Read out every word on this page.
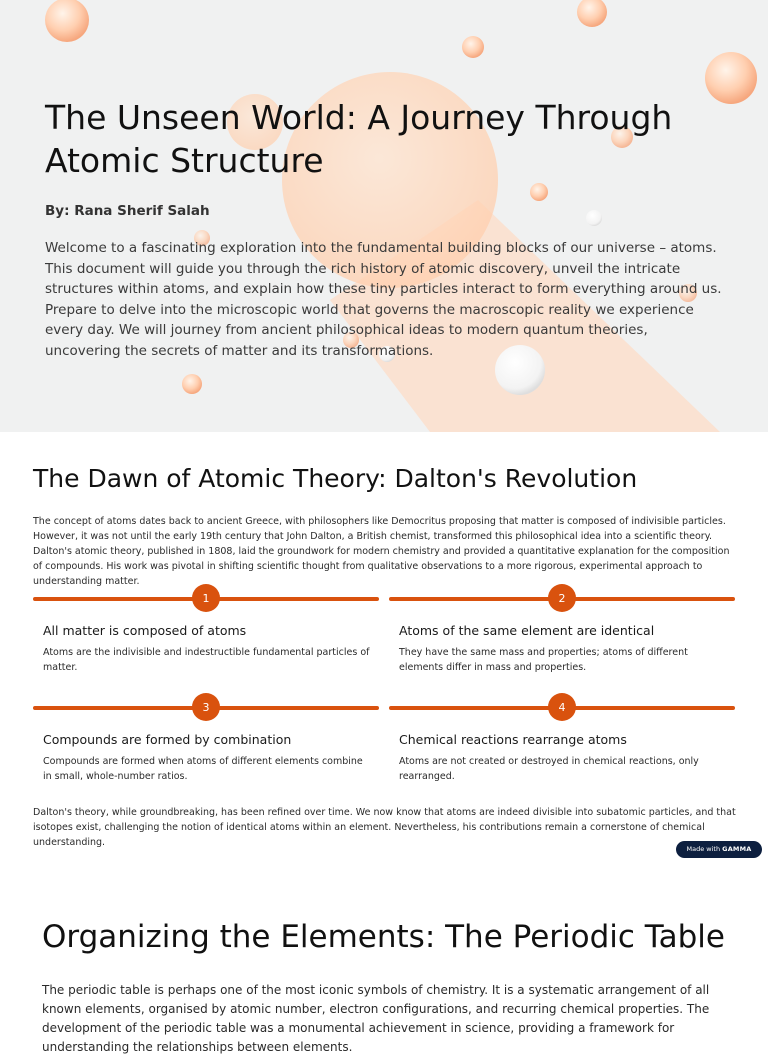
The Unseen World: A Journey Through Atomic Structure

By: Rana Sherif Salah

Welcome to a fascinating exploration into the fundamental building blocks of our universe – atoms. This document will guide you through the rich history of atomic discovery, unveil the intricate structures within atoms, and explain how these tiny particles interact to form everything around us. Prepare to delve into the microscopic world that governs the macroscopic reality we experience every day. We will journey from ancient philosophical ideas to modern quantum theories, uncovering the secrets of matter and its transformations.

The Dawn of Atomic Theory: Dalton's Revolution

The concept of atoms dates back to ancient Greece, with philosophers like Democritus proposing that matter is composed of indivisible particles. However, it was not until the early 19th century that John Dalton, a British chemist, transformed this philosophical idea into a scientific theory. Dalton's atomic theory, published in 1808, laid the groundwork for modern chemistry and provided a quantitative explanation for the composition of compounds. His work was pivotal in shifting scientific thought from qualitative observations to a more rigorous, experimental approach to understanding matter.

1
All matter is composed of atoms

Atoms are the indivisible and indestructible fundamental particles of matter.

2
Atoms of the same element are identical

They have the same mass and properties; atoms of different elements differ in mass and properties.

3
Compounds are formed by combination

Compounds are formed when atoms of different elements combine in small, whole-number ratios.

4
Chemical reactions rearrange atoms

Atoms are not created or destroyed in chemical reactions, only rearranged.

Dalton's theory, while groundbreaking, has been refined over time. We now know that atoms are indeed divisible into subatomic particles, and that isotopes exist, challenging the notion of identical atoms within an element. Nevertheless, his contributions remain a cornerstone of chemical understanding.

Made with GAMMA
Organizing the Elements: The Periodic Table

The periodic table is perhaps one of the most iconic symbols of chemistry. It is a systematic arrangement of all known elements, organised by atomic number, electron configurations, and recurring chemical properties. The development of the periodic table was a monumental achievement in science, providing a framework for understanding the relationships between elements.
